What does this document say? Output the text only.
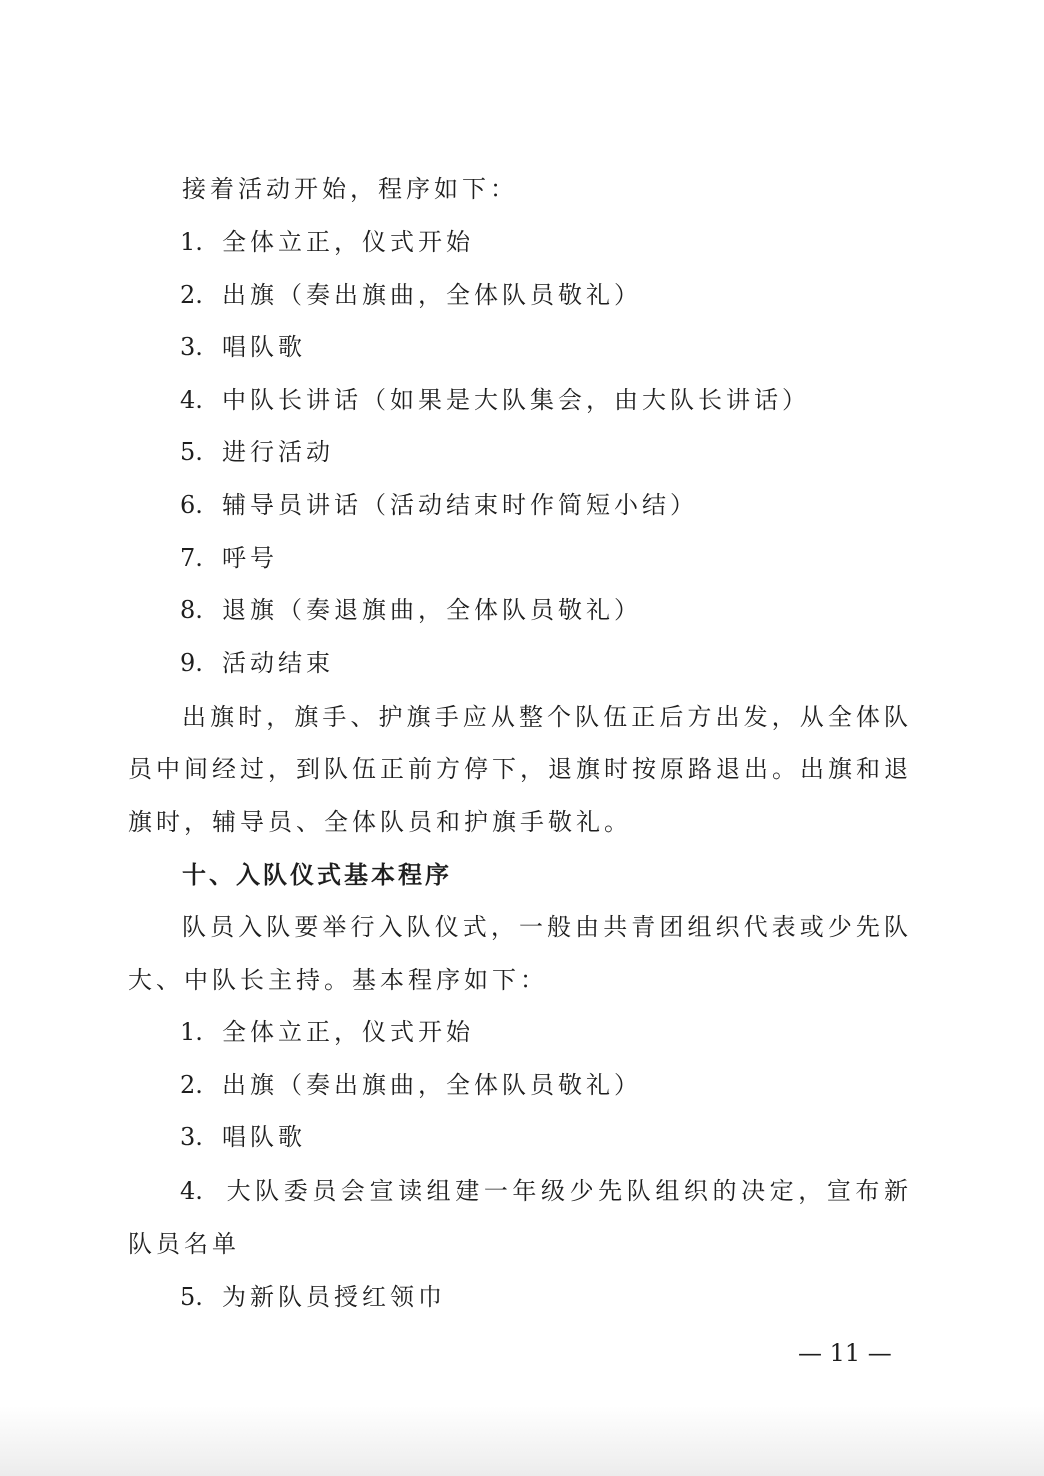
接着活动开始，程序如下：
1. 全体立正，仪式开始
2. 出旗（奏出旗曲，全体队员敬礼）
3. 唱队歌
4. 中队长讲话（如果是大队集会，由大队长讲话）
5. 进行活动
6. 辅导员讲话（活动结束时作简短小结）
7. 呼号
8. 退旗（奏退旗曲，全体队员敬礼）
9. 活动结束
出旗时，旗手、护旗手应从整个队伍正后方出发，从全体队
员中间经过，到队伍正前方停下，退旗时按原路退出。出旗和退
旗时，辅导员、全体队员和护旗手敬礼。
十、入队仪式基本程序
队员入队要举行入队仪式，一般由共青团组织代表或少先队
大、中队长主持。基本程序如下：
1. 全体立正，仪式开始
2. 出旗（奏出旗曲，全体队员敬礼）
3. 唱队歌
4. 大队委员会宣读组建一年级少先队组织的决定，宣布新
队员名单
5. 为新队员授红领巾
— 11 —
